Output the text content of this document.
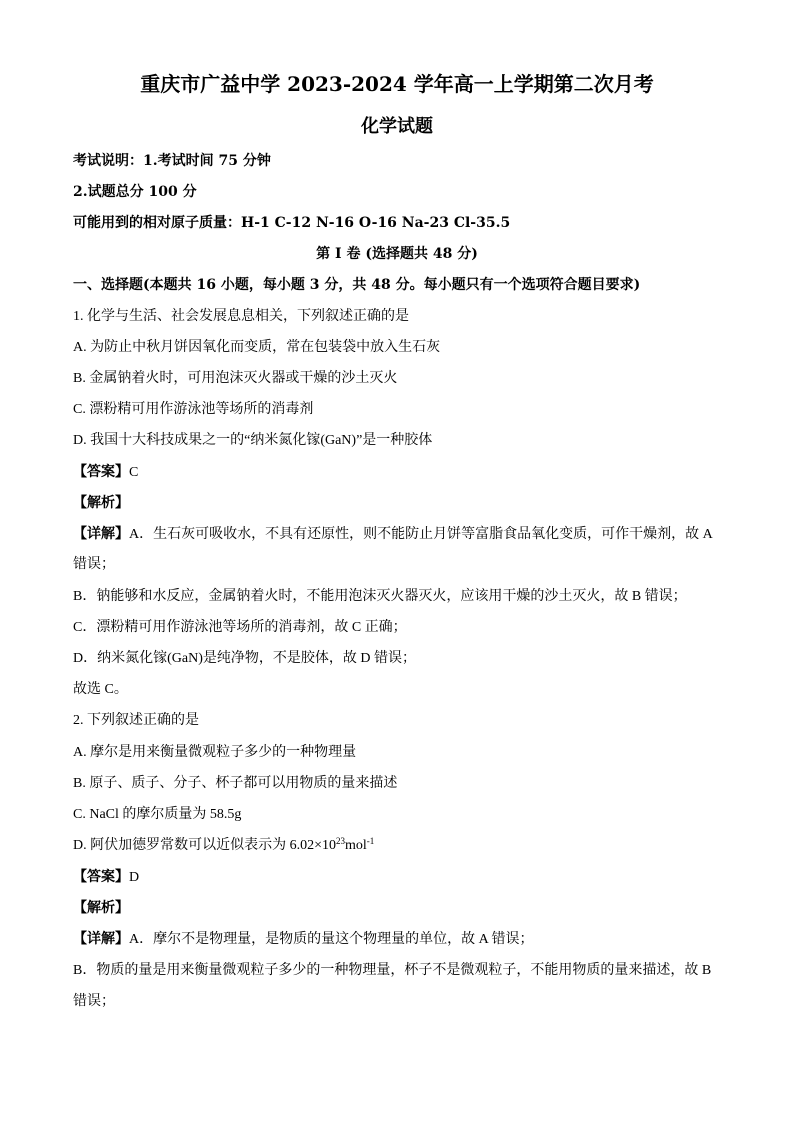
重庆市广益中学 2023-2024 学年高一上学期第二次月考
化学试题
考试说明：1.考试时间 75 分钟
2.试题总分 100 分
可能用到的相对原子质量：H-1 C-12 N-16 O-16 Na-23 Cl-35.5
第 I 卷 (选择题共 48 分)
一、选择题(本题共 16 小题，每小题 3 分，共 48 分。每小题只有一个选项符合题目要求)
1. 化学与生活、社会发展息息相关，下列叙述正确的是
A. 为防止中秋月饼因氧化而变质，常在包装袋中放入生石灰
B. 金属钠着火时，可用泡沫灭火器或干燥的沙土灭火
C. 漂粉精可用作游泳池等场所的消毒剂
D. 我国十大科技成果之一的“纳米氮化镓(GaN)”是一种胶体
【答案】C
【解析】
【详解】A．生石灰可吸收水，不具有还原性，则不能防止月饼等富脂食品氧化变质，可作干燥剂，故 A
错误；
B．钠能够和水反应，金属钠着火时，不能用泡沫灭火器灭火，应该用干燥的沙土灭火，故 B 错误；
C．漂粉精可用作游泳池等场所的消毒剂，故 C 正确；
D．纳米氮化镓(GaN)是纯净物，不是胶体，故 D 错误；
故选 C。
2. 下列叙述正确的是
A. 摩尔是用来衡量微观粒子多少的一种物理量
B. 原子、质子、分子、杯子都可以用物质的量来描述
C. NaCl 的摩尔质量为 58.5g
D. 阿伏加德罗常数可以近似表示为 $6.02\times 10^{23}mol^{-1}$
【答案】D
【解析】
【详解】A．摩尔不是物理量，是物质的量这个物理量的单位，故 A 错误；
B．物质的量是用来衡量微观粒子多少的一种物理量，杯子不是微观粒子，不能用物质的量来描述，故 B
错误；
